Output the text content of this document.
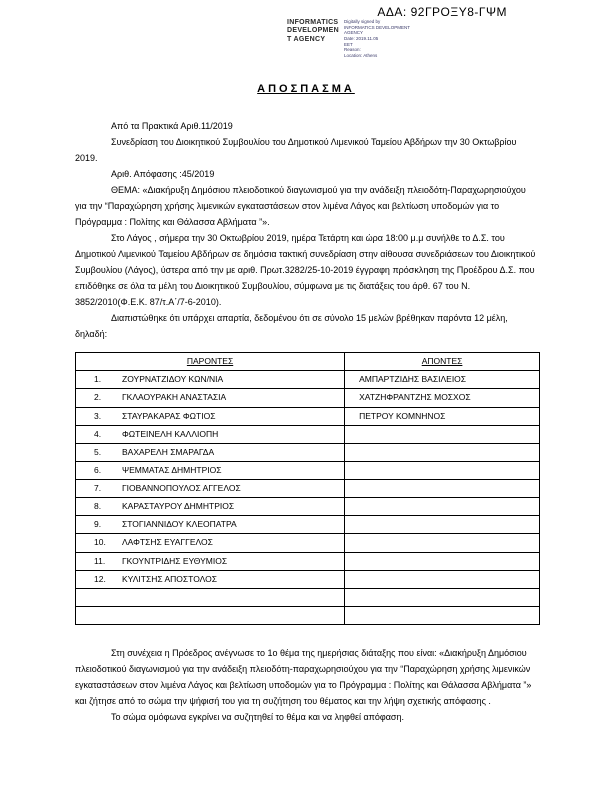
ΑΔΑ: 92ΓΡΟΞΥ8-ΓΨΜ
INFORMATICS
DEVELOPMEN
T AGENCY
Digitally signed by
INFORMATICS DEVELOPMENT AGENCY
Date: 2019.11.05
EET
Reason:
Location: Athens
ΑΠΟΣΠΑΣΜΑ

Από τα Πρακτικά Αριθ.11/2019

Συνεδρίαση του Διοικητικού Συμβουλίου του Δημοτικού Λιμενικού Ταμείου Αβδήρων την 30 Οκτωβρίου 2019.

Αριθ. Απόφασης :45/2019

ΘΕΜΑ: «Διακήρυξη Δημόσιου πλειοδοτικού διαγωνισμού για την ανάδειξη πλειοδότη-Παραχωρησιούχου για την “Παραχώρηση χρήσης λιμενικών εγκαταστάσεων στον λιμένα Λάγος και βελτίωση υποδομών για το Πρόγραμμα : Πολίτης και Θάλασσα Αβλήματα ”».

Στο Λάγος , σήμερα την 30 Οκτωβρίου 2019, ημέρα Τετάρτη και ώρα 18:00 μ.μ συνήλθε το Δ.Σ. του Δημοτικού Λιμενικού Ταμείου Αβδήρων σε δημόσια τακτική συνεδρίαση στην αίθουσα συνεδριάσεων του Διοικητικού Συμβουλίου (Λάγος), ύστερα από την με αριθ. Πρωτ.3282/25-10-2019 έγγραφη πρόσκληση της Προέδρου Δ.Σ. που επιδόθηκε σε όλα τα μέλη του Διοικητικού Συμβουλίου, σύμφωνα με τις διατάξεις του άρθ. 67 του Ν. 3852/2010(Φ.Ε.Κ. 87/τ.Α΄/7-6-2010).

Διαπιστώθηκε ότι υπάρχει απαρτία, δεδομένου ότι σε σύνολο 15 μελών βρέθηκαν παρόντα 12 μέλη, δηλαδή:

ΠΑΡΟΝΤΕΣ	ΑΠΟΝΤΕΣ
1. ΖΟΥΡΝΑΤΖΙΔΟΥ ΚΩΝ/ΝΙΑ	ΑΜΠΑΡΤΖΙΔΗΣ ΒΑΣΙΛΕΙΟΣ
2. ΓΚΛΑΟΥΡΑΚΗ ΑΝΑΣΤΑΣΙΑ	ΧΑΤΖΗΦΡΑΝΤΖΗΣ ΜΟΣΧΟΣ
3. ΣΤΑΥΡΑΚΑΡΑΣ ΦΩΤΙΟΣ	ΠΕΤΡΟΥ ΚΟΜΝΗΝΟΣ
4. ΦΩΤΕΙΝΕΛΗ ΚΑΛΛΙΟΠΗ	
5. ΒΑΧΑΡΕΛΗ ΣΜΑΡΑΓΔΑ	
6. ΨΕΜΜΑΤΑΣ ΔΗΜΗΤΡΙΟΣ	
7. ΓΙΟΒΑΝΝΟΠΟΥΛΟΣ ΑΓΓΕΛΟΣ	
8. ΚΑΡΑΣΤΑΥΡΟΥ ΔΗΜΗΤΡΙΟΣ	
9. ΣΤΟΓΙΑΝΝΙΔΟΥ ΚΛΕΟΠΑΤΡΑ	
10. ΛΑΦΤΣΗΣ ΕΥΑΓΓΕΛΟΣ	
11. ΓΚΟΥΝΤΡΙΔΗΣ ΕΥΘΥΜΙΟΣ	
12. ΚΥΛΙΤΣΗΣ ΑΠΟΣΤΟΛΟΣ	

Στη συνέχεια η Πρόεδρος ανέγνωσε το 1ο θέμα της ημερήσιας διάταξης που είναι: «Διακήρυξη Δημόσιου πλειοδοτικού διαγωνισμού για την ανάδειξη πλειοδότη-παραχωρησιούχου για την “Παραχώρηση χρήσης λιμενικών εγκαταστάσεων στον λιμένα Λάγος και βελτίωση υποδομών για το Πρόγραμμα : Πολίτης και Θάλασσα Αβλήματα ”» και ζήτησε από το σώμα την ψήφισή του για τη συζήτηση του θέματος και την λήψη σχετικής απόφασης .

Το σώμα ομόφωνα εγκρίνει να συζητηθεί το θέμα και να ληφθεί απόφαση.
